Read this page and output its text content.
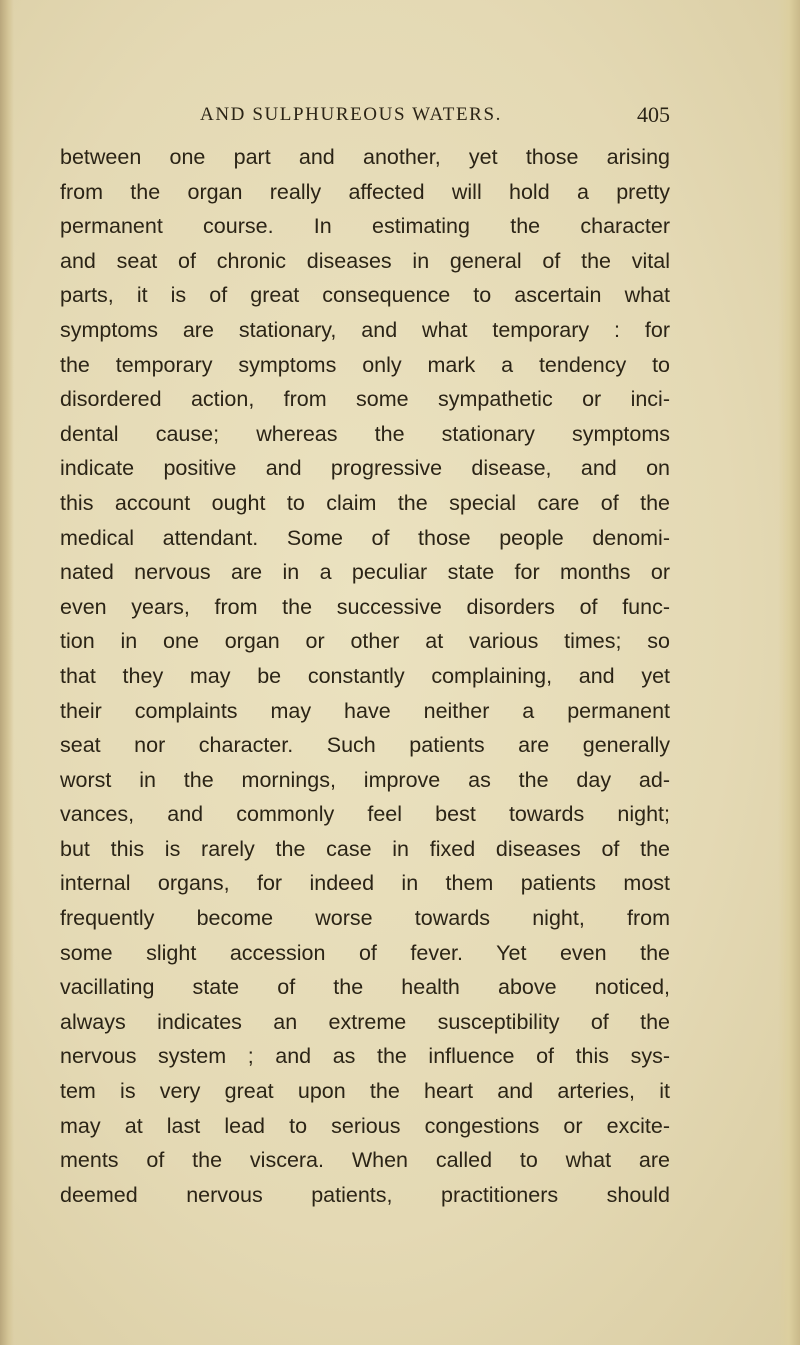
AND SULPHUREOUS WATERS.	405
between one part and another, yet those arising
from the organ really affected will hold a pretty
permanent course. In estimating the character
and seat of chronic diseases in general of the vital
parts, it is of great consequence to ascertain what
symptoms are stationary, and what temporary : for
the temporary symptoms only mark a tendency to
disordered action, from some sympathetic or inci-
dental cause; whereas the stationary symptoms
indicate positive and progressive disease, and on
this account ought to claim the special care of the
medical attendant. Some of those people denomi-
nated nervous are in a peculiar state for months or
even years, from the successive disorders of func-
tion in one organ or other at various times; so
that they may be constantly complaining, and yet
their complaints may have neither a permanent
seat nor character. Such patients are generally
worst in the mornings, improve as the day ad-
vances, and commonly feel best towards night;
but this is rarely the case in fixed diseases of the
internal organs, for indeed in them patients most
frequently become worse towards night, from
some slight accession of fever. Yet even the
vacillating state of the health above noticed,
always indicates an extreme susceptibility of the
nervous system ; and as the influence of this sys-
tem is very great upon the heart and arteries, it
may at last lead to serious congestions or excite-
ments of the viscera. When called to what are
deemed nervous patients, practitioners should
